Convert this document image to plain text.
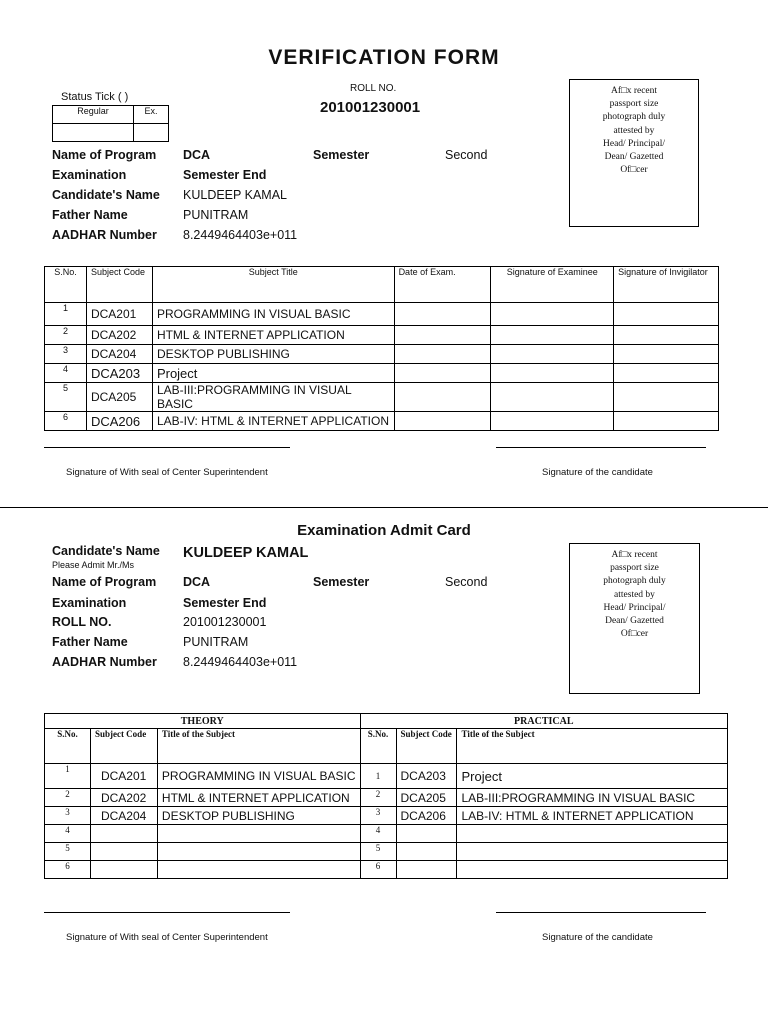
VERIFICATION FORM
ROLL NO.
201001230001
Status Tick ( )
Regular	Ex.

Af□x recent
passport size
photograph duly
attested by
Head/ Principal/
Dean/ Gazetted
Of□cer
Name of Program DCA	Semester	Second
Examination	Semester End
Candidate's Name KULDEEP KAMAL
Father Name	PUNITRAM
AADHAR Number 8.2449464403e+011
S.No.	Subject Code	Subject Title	Date of Exam.	Signature of Examinee	Signature of Invigilator
1	DCA201	PROGRAMMING IN VISUAL BASIC			
2	DCA202	HTML & INTERNET APPLICATION			
3	DCA204	DESKTOP PUBLISHING			
4	DCA203	Project			
5	DCA205	LAB-III:PROGRAMMING IN VISUAL BASIC			
6	DCA206	LAB-IV: HTML & INTERNET APPLICATION			
Signature of With seal of Center Superintendent	Signature of the candidate
Examination Admit Card
Candidate's Name
Please Admit Mr./Ms
KULDEEP KAMAL
Name of Program DCA	Semester	Second
Examination	Semester End
ROLL NO.	201001230001
Father Name	PUNITRAM
AADHAR Number 8.2449464403e+011
Af□x recent
passport size
photograph duly
attested by
Head/ Principal/
Dean/ Gazetted
Of□cer
THEORY			PRACTICAL		
S.No.	Subject Code	Title of the Subject	S.No.	Subject Code	Title of the Subject
1	DCA201	PROGRAMMING IN VISUAL BASIC	1	DCA203	Project
2	DCA202	HTML & INTERNET APPLICATION	2	DCA205	LAB-III:PROGRAMMING IN VISUAL BASIC
3	DCA204	DESKTOP PUBLISHING	3	DCA206	LAB-IV: HTML & INTERNET APPLICATION
4			4		
5			5		
6			6		
Signature of With seal of Center Superintendent	Signature of the candidate
